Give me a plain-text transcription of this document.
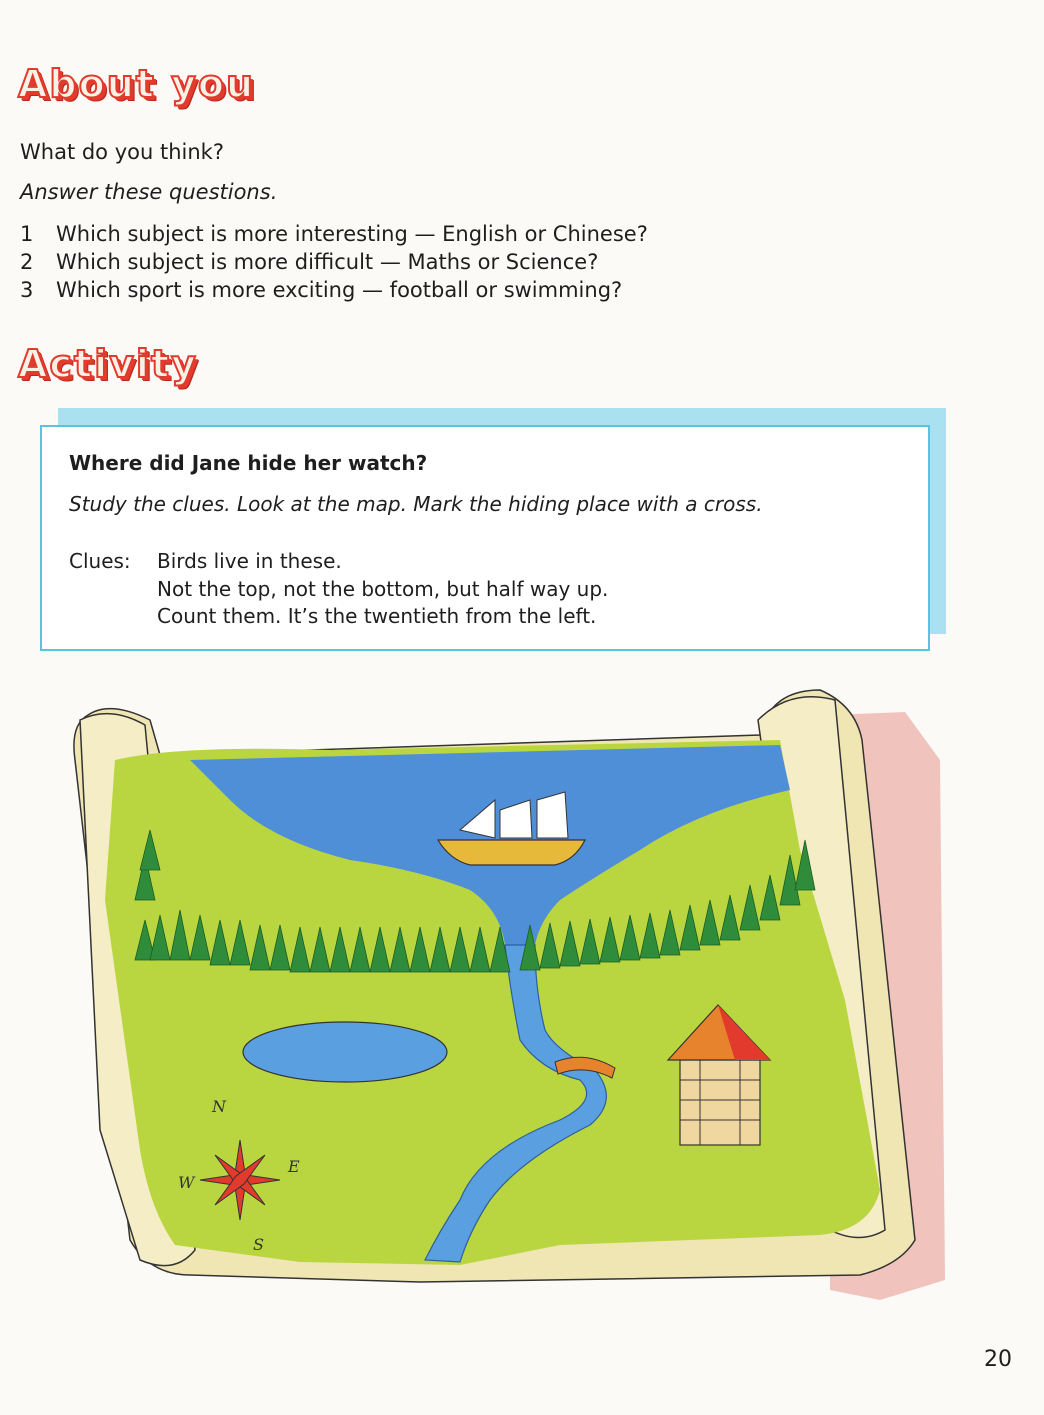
About you
What do you think?
Answer these questions.
1 Which subject is more interesting — English or Chinese?
2 Which subject is more difficult — Maths or Science?
3 Which sport is more exciting — football or swimming?
Activity
Where did Jane hide her watch?
Study the clues. Look at the map. Mark the hiding place with a cross.
Clues: Birds live in these.
Not the top, not the bottom, but half way up.
Count them. It’s the twentieth from the left.
N
E
S
W
20
